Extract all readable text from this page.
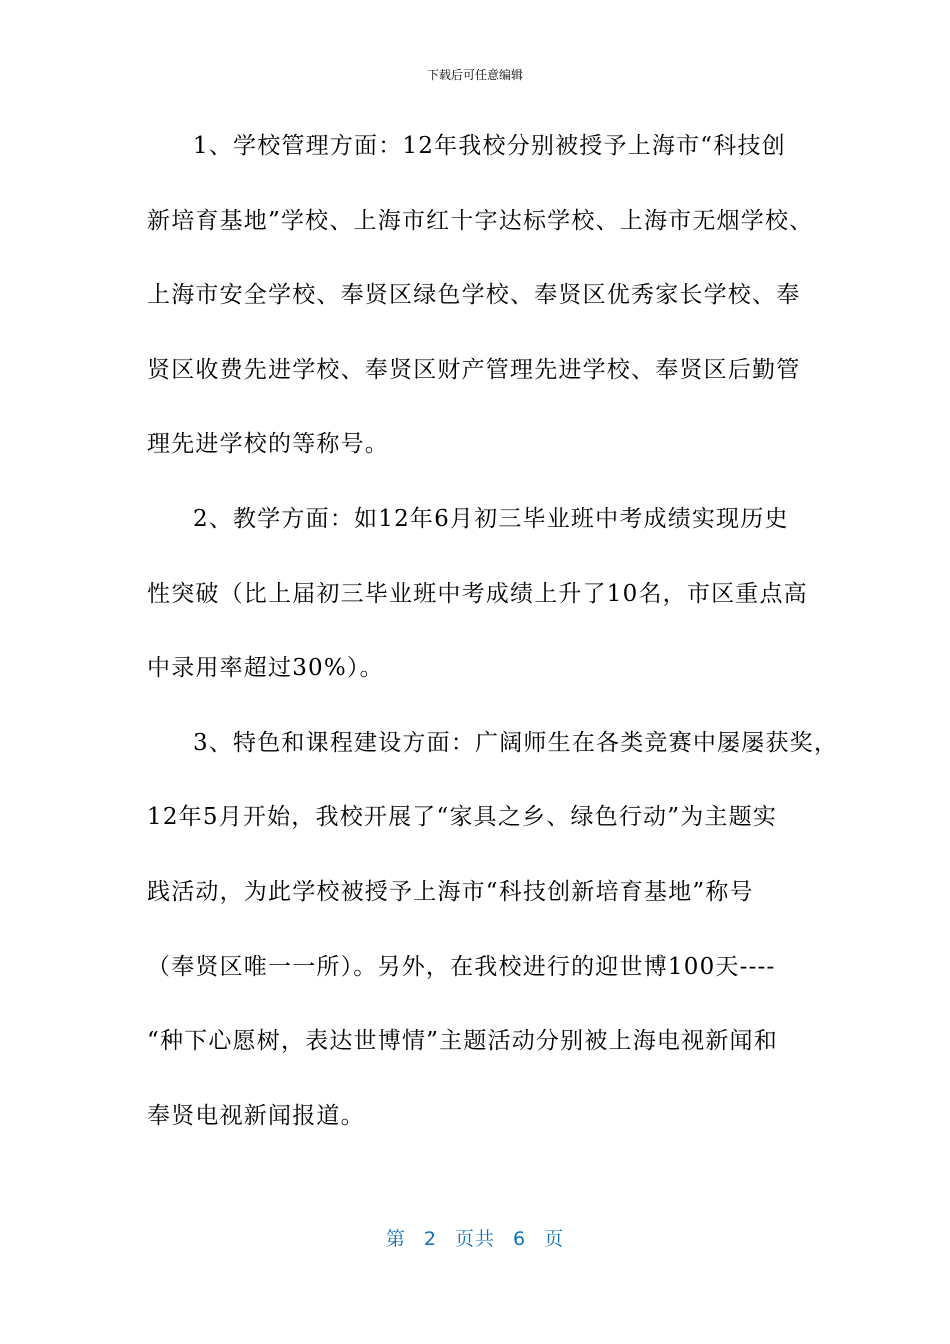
下载后可任意编辑
1、学校管理方面：12年我校分别被授予上海市“科技创
新培育基地”学校、上海市红十字达标学校、上海市无烟学校、
上海市安全学校、奉贤区绿色学校、奉贤区优秀家长学校、奉
贤区收费先进学校、奉贤区财产管理先进学校、奉贤区后勤管
理先进学校的等称号。
2、教学方面：如12年6月初三毕业班中考成绩实现历史
性突破（比上届初三毕业班中考成绩上升了10名，市区重点高
中录用率超过30%）。
3、特色和课程建设方面：广阔师生在各类竞赛中屡屡获奖，
12年5月开始，我校开展了“家具之乡、绿色行动”为主题实
践活动，为此学校被授予上海市“科技创新培育基地”称号
（奉贤区唯一一所）。另外，在我校进行的迎世博100天----
“种下心愿树，表达世博情”主题活动分别被上海电视新闻和
奉贤电视新闻报道。
第 2 页共 6 页
